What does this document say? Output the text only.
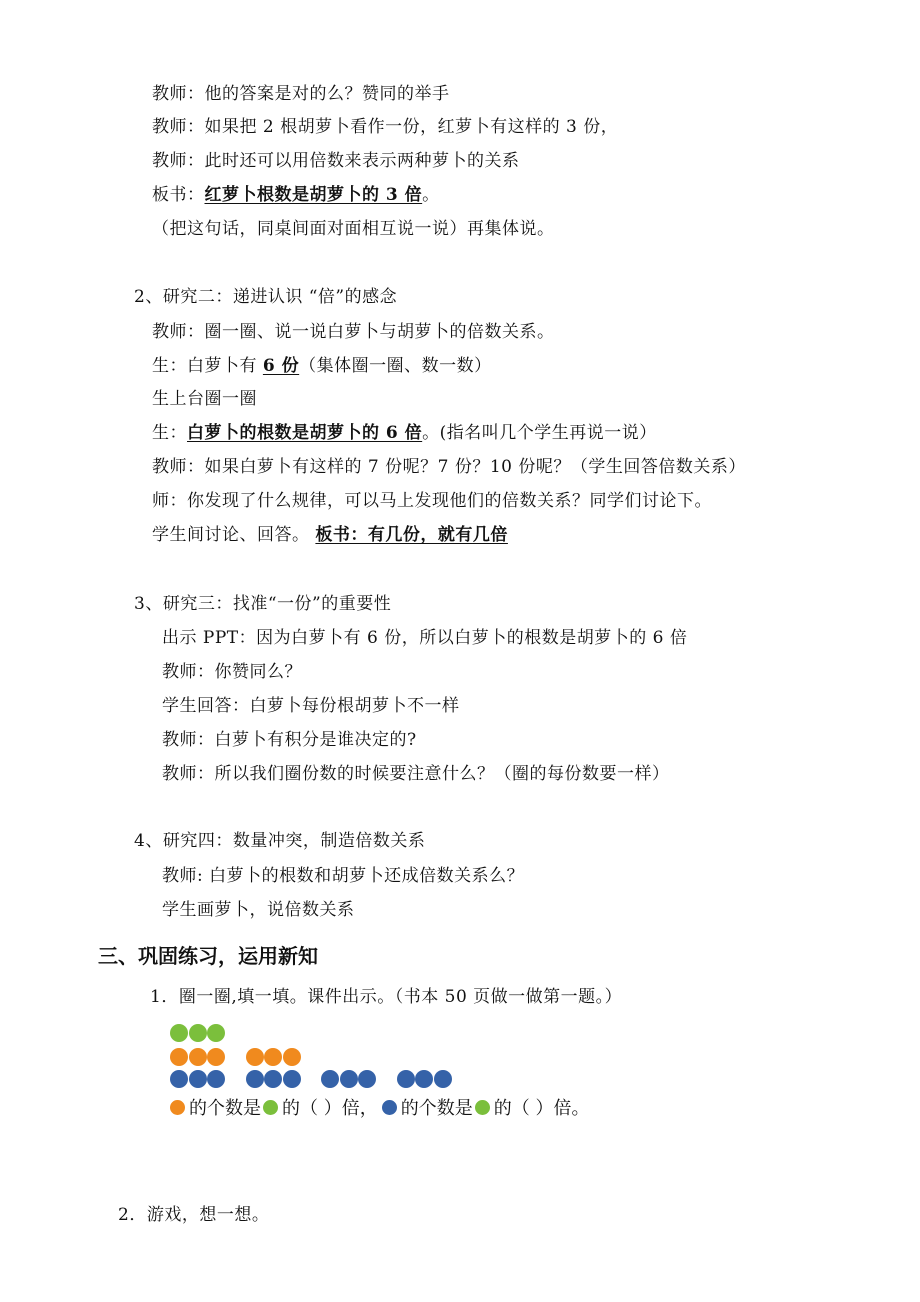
教师：他的答案是对的么？赞同的举手
教师：如果把 2 根胡萝卜看作一份，红萝卜有这样的 3 份，
教师：此时还可以用倍数来表示两种萝卜的关系
板书：红萝卜根数是胡萝卜的 3 倍。
（把这句话，同桌间面对面相互说一说）再集体说。
2、研究二：递进认识 “倍”的感念
教师：圈一圈、说一说白萝卜与胡萝卜的倍数关系。
生：白萝卜有 6 份（集体圈一圈、数一数）
生上台圈一圈
生：白萝卜的根数是胡萝卜的 6 倍。(指名叫几个学生再说一说）
教师：如果白萝卜有这样的 7 份呢？7 份？10 份呢？（学生回答倍数关系）
师：你发现了什么规律，可以马上发现他们的倍数关系？同学们讨论下。
学生间讨论、回答。 板书：有几份，就有几倍
3、研究三：找准“一份”的重要性
出示 PPT：因为白萝卜有 6 份，所以白萝卜的根数是胡萝卜的 6 倍
教师：你赞同么？
学生回答：白萝卜每份根胡萝卜不一样
教师：白萝卜有积分是谁决定的?
教师：所以我们圈份数的时候要注意什么？（圈的每份数要一样）
4、研究四：数量冲突，制造倍数关系
教师: 白萝卜的根数和胡萝卜还成倍数关系么？
学生画萝卜，说倍数关系
三、巩固练习，运用新知
1．圈一圈,填一填。课件出示。（书本 50 页做一做第一题。）
的个数是 的（ ）倍， 的个数是 的（ ）倍。
2．游戏，想一想。
